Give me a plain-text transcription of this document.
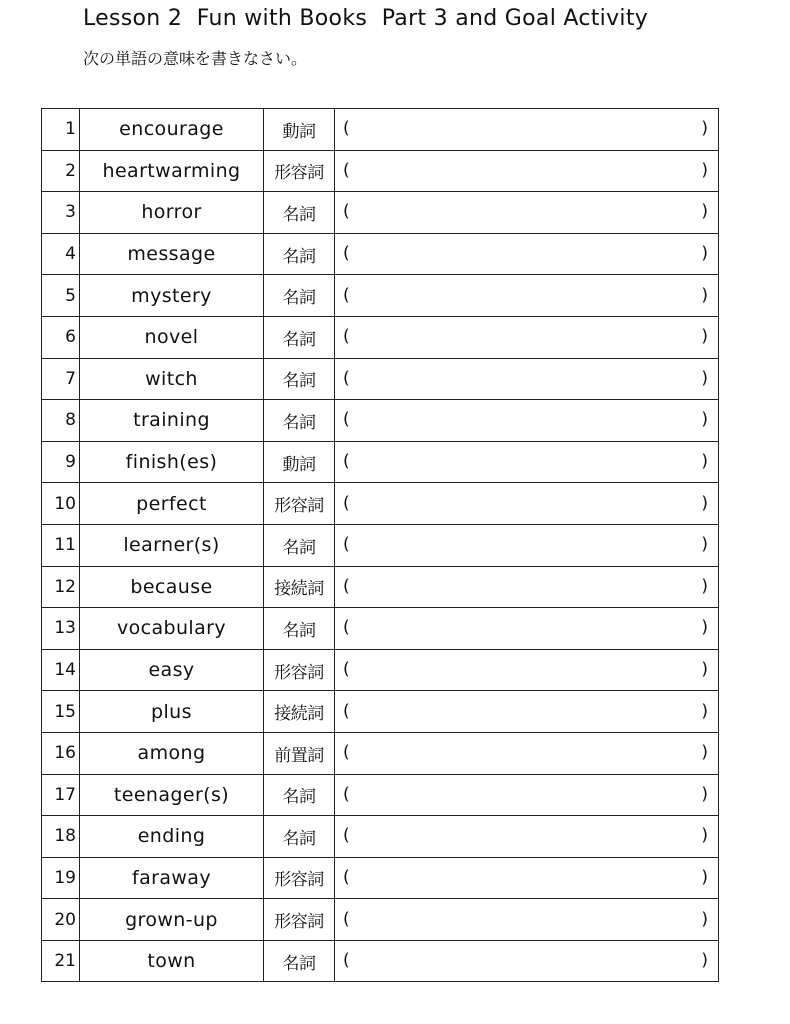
Lesson 2  Fun with Books  Part 3 and Goal Activity
次の単語の意味を書きなさい。
1	encourage	動詞	( )

2	heartwarming	形容詞	( )

3	horror	名詞	( )

4	message	名詞	( )

5	mystery	名詞	( )

6	novel	名詞	( )

7	witch	名詞	( )

8	training	名詞	( )

9	finish(es)	動詞	( )

10	perfect	形容詞	( )

11	learner(s)	名詞	( )

12	because	接続詞	( )

13	vocabulary	名詞	( )

14	easy	形容詞	( )

15	plus	接続詞	( )

16	among	前置詞	( )

17	teenager(s)	名詞	( )

18	ending	名詞	( )

19	faraway	形容詞	( )

20	grown-up	形容詞	( )

21	town	名詞	( )
